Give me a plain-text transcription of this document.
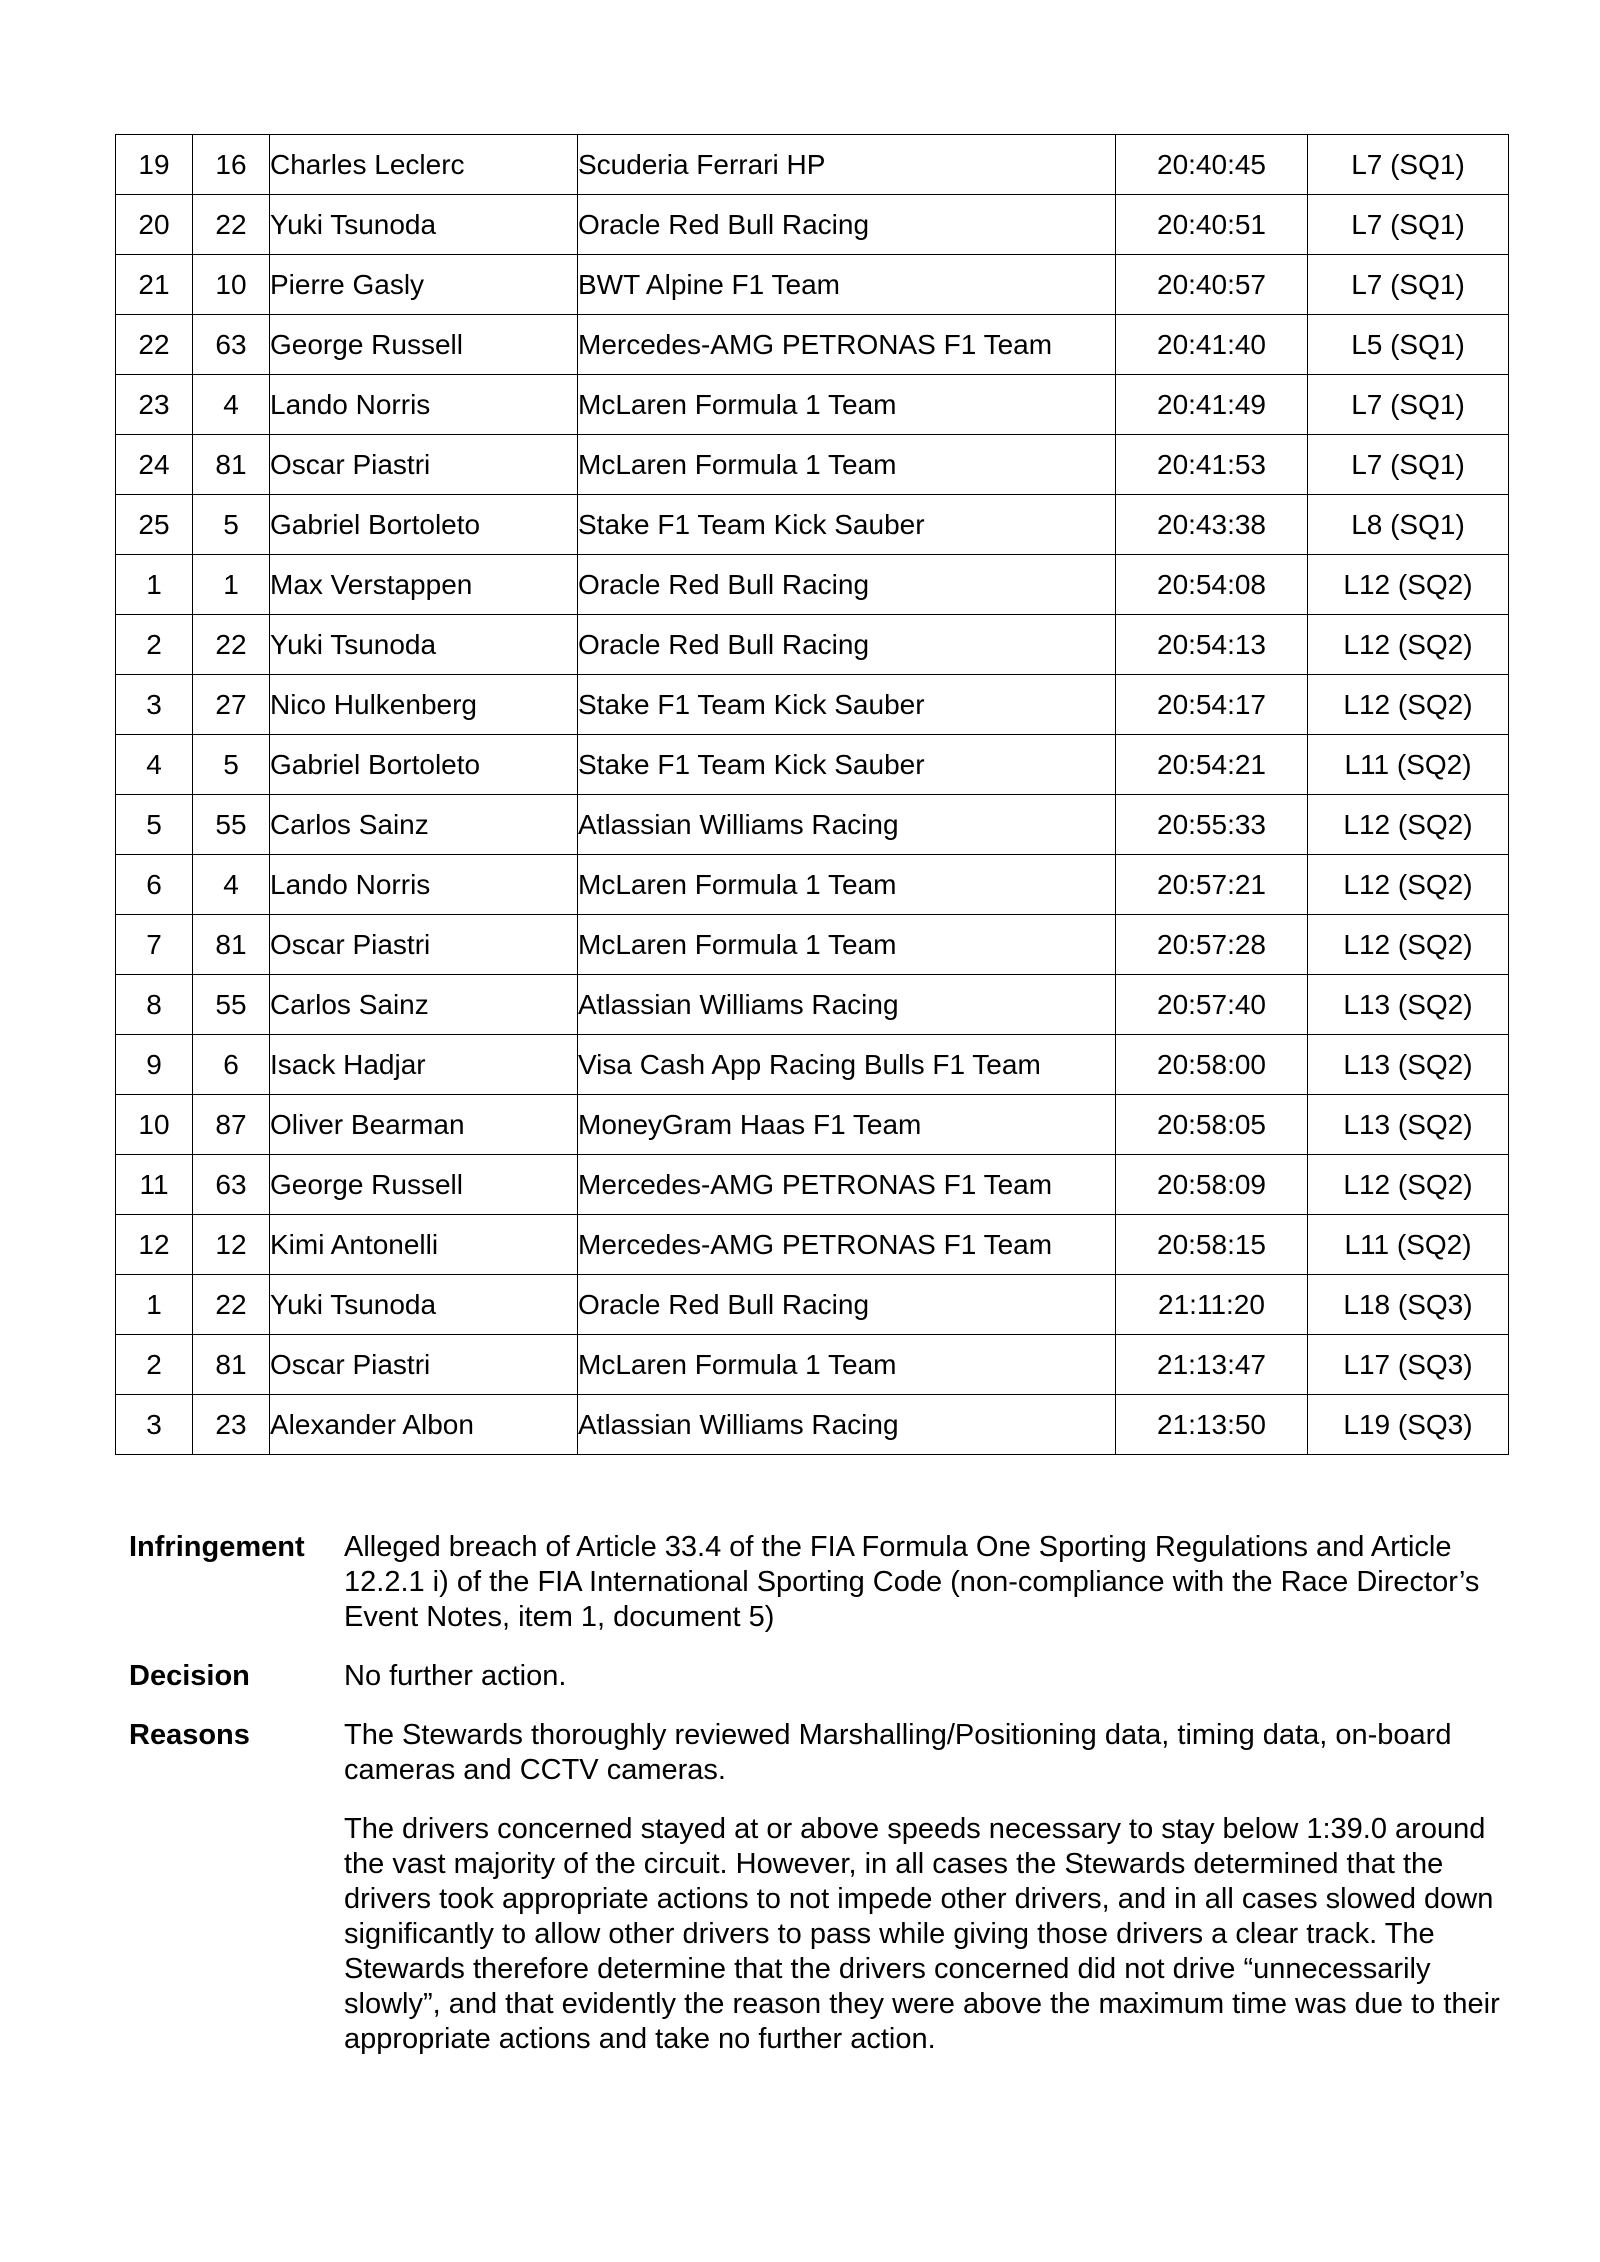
19	16	Charles Leclerc	Scuderia Ferrari HP	20:40:45	L7 (SQ1)
20	22	Yuki Tsunoda	Oracle Red Bull Racing	20:40:51	L7 (SQ1)
21	10	Pierre Gasly	BWT Alpine F1 Team	20:40:57	L7 (SQ1)
22	63	George Russell	Mercedes-AMG PETRONAS F1 Team	20:41:40	L5 (SQ1)
23	4	Lando Norris	McLaren Formula 1 Team	20:41:49	L7 (SQ1)
24	81	Oscar Piastri	McLaren Formula 1 Team	20:41:53	L7 (SQ1)
25	5	Gabriel Bortoleto	Stake F1 Team Kick Sauber	20:43:38	L8 (SQ1)
1	1	Max Verstappen	Oracle Red Bull Racing	20:54:08	L12 (SQ2)
2	22	Yuki Tsunoda	Oracle Red Bull Racing	20:54:13	L12 (SQ2)
3	27	Nico Hulkenberg	Stake F1 Team Kick Sauber	20:54:17	L12 (SQ2)
4	5	Gabriel Bortoleto	Stake F1 Team Kick Sauber	20:54:21	L11 (SQ2)
5	55	Carlos Sainz	Atlassian Williams Racing	20:55:33	L12 (SQ2)
6	4	Lando Norris	McLaren Formula 1 Team	20:57:21	L12 (SQ2)
7	81	Oscar Piastri	McLaren Formula 1 Team	20:57:28	L12 (SQ2)
8	55	Carlos Sainz	Atlassian Williams Racing	20:57:40	L13 (SQ2)
9	6	Isack Hadjar	Visa Cash App Racing Bulls F1 Team	20:58:00	L13 (SQ2)
10	87	Oliver Bearman	MoneyGram Haas F1 Team	20:58:05	L13 (SQ2)
11	63	George Russell	Mercedes-AMG PETRONAS F1 Team	20:58:09	L12 (SQ2)
12	12	Kimi Antonelli	Mercedes-AMG PETRONAS F1 Team	20:58:15	L11 (SQ2)
1	22	Yuki Tsunoda	Oracle Red Bull Racing	21:11:20	L18 (SQ3)
2	81	Oscar Piastri	McLaren Formula 1 Team	21:13:47	L17 (SQ3)
3	23	Alexander Albon	Atlassian Williams Racing	21:13:50	L19 (SQ3)
Infringement	Alleged breach of Article 33.4 of the FIA Formula One Sporting Regulations and Article 12.2.1 i) of the FIA International Sporting Code (non-compliance with the Race Director’s Event Notes, item 1, document 5)
Decision	No further action.
Reasons	The Stewards thoroughly reviewed Marshalling/Positioning data, timing data, on-board cameras and CCTV cameras.

The drivers concerned stayed at or above speeds necessary to stay below 1:39.0 around the vast majority of the circuit. However, in all cases the Stewards determined that the drivers took appropriate actions to not impede other drivers, and in all cases slowed down significantly to allow other drivers to pass while giving those drivers a clear track. The Stewards therefore determine that the drivers concerned did not drive “unnecessarily slowly”, and that evidently the reason they were above the maximum time was due to their appropriate actions and take no further action.
